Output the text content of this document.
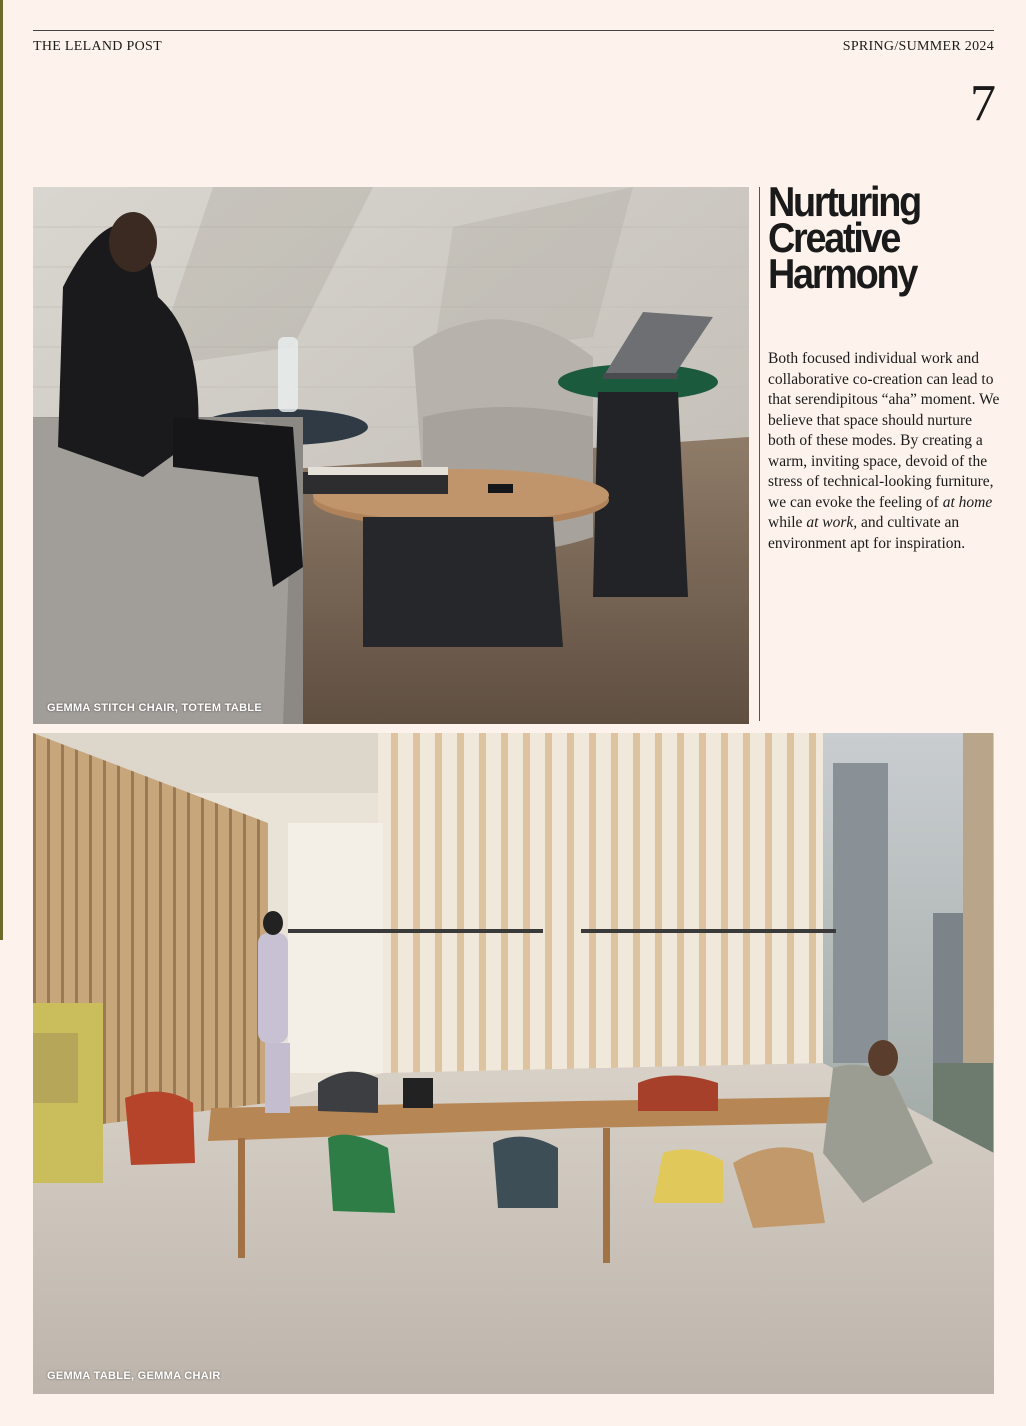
THE LELAND POST	SPRING/SUMMER 2024
7
GEMMA STITCH CHAIR, TOTEM TABLE
Nurturing
Creative
Harmony
Both focused individual work and collaborative co-creation can lead to that serendipitous “aha” moment. We believe that space should nurture both of these modes. By creating a warm, inviting space, devoid of the stress of technical-looking furniture, we can evoke the feeling of at home while at work, and cultivate an environment apt for inspiration.
GEMMA TABLE, GEMMA CHAIR
